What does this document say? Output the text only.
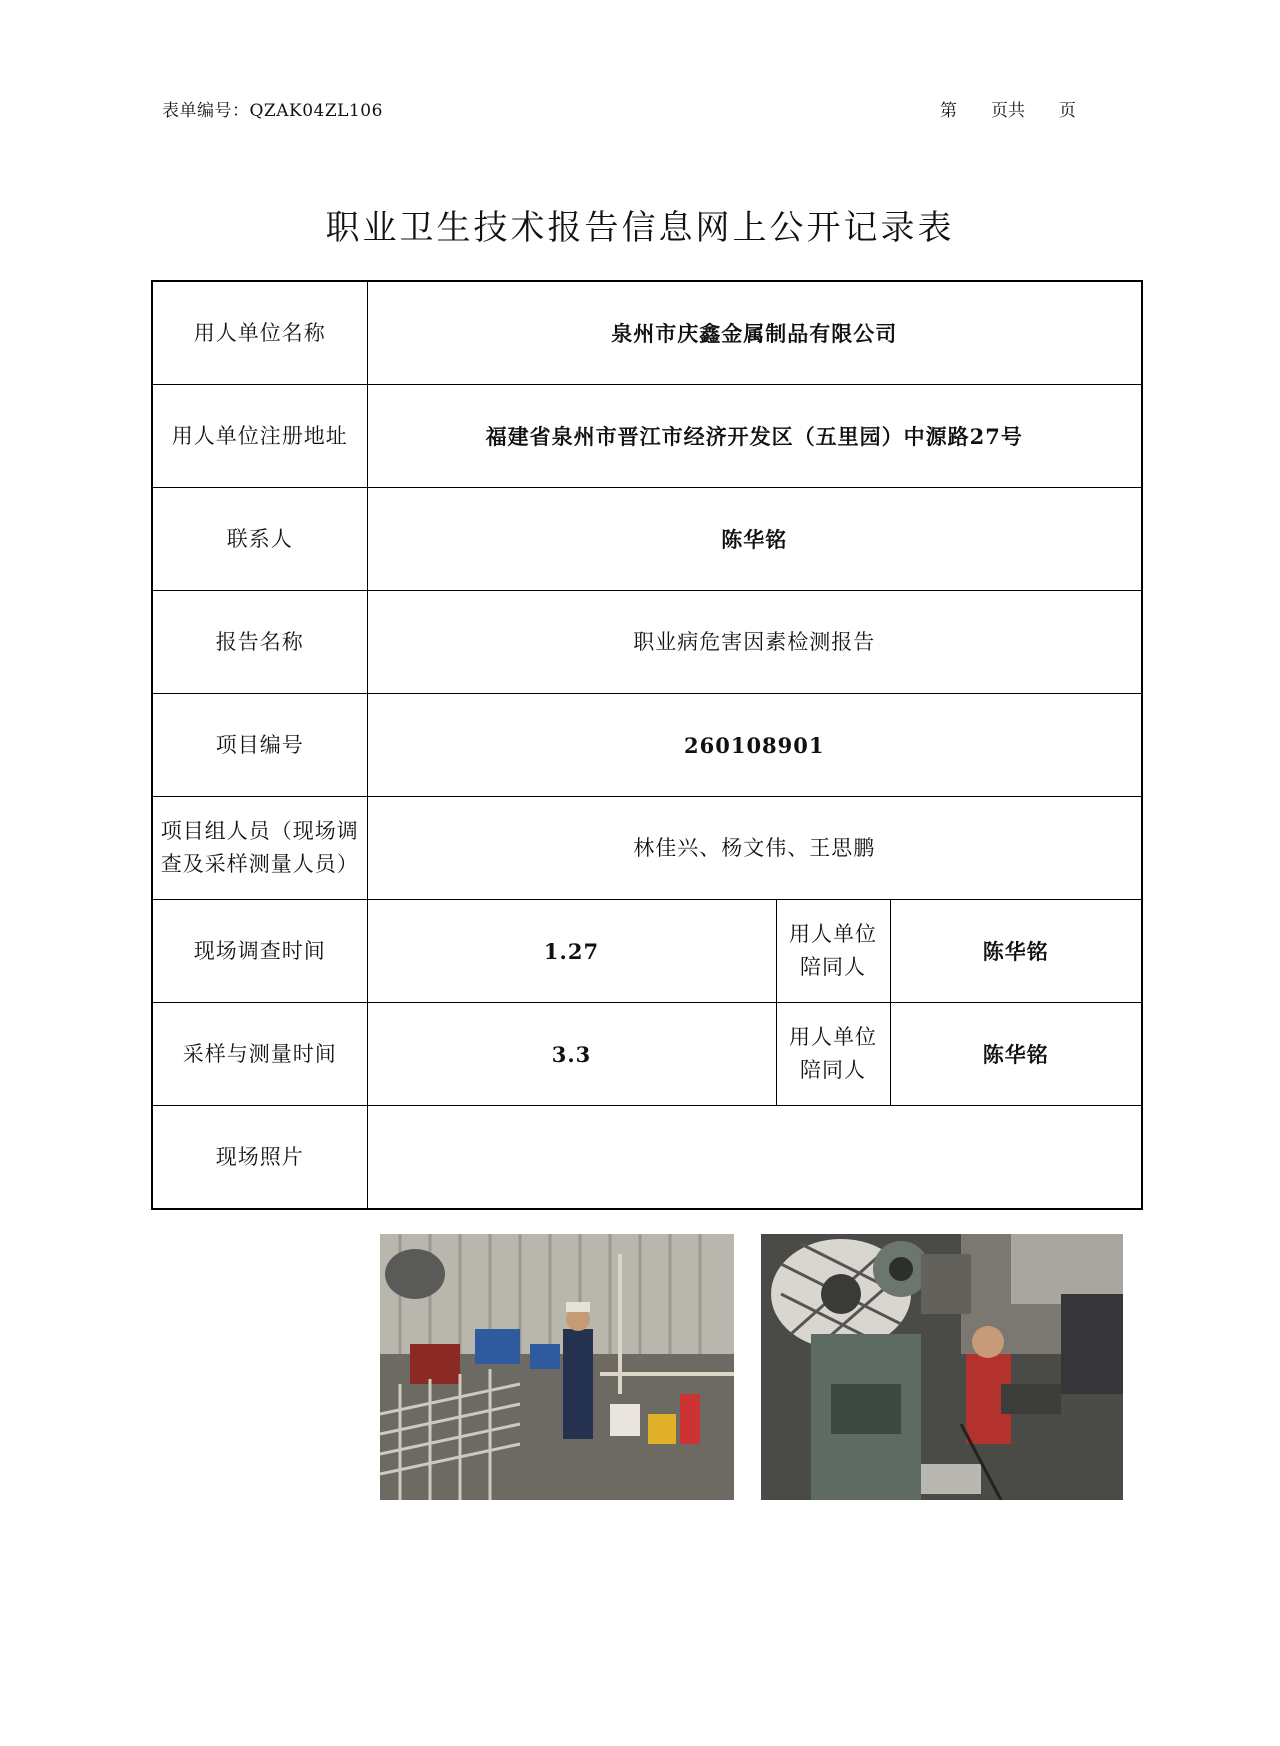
表单编号：QZAK04ZL106	第 页共 页
职业卫生技术报告信息网上公开记录表
用人单位名称	泉州市庆鑫金属制品有限公司		
用人单位注册地址	福建省泉州市晋江市经济开发区（五里园）中源路27号		
联系人	陈华铭		
报告名称	职业病危害因素检测报告		
项目编号	260108901		

项目组人员（现场调
查及采样测量人员）	林佳兴、杨文伟、王思鹏		
现场调查时间	1.27	用人单位
陪同人	陈华铭
采样与测量时间	3.3	用人单位
陪同人	陈华铭
现场照片	
